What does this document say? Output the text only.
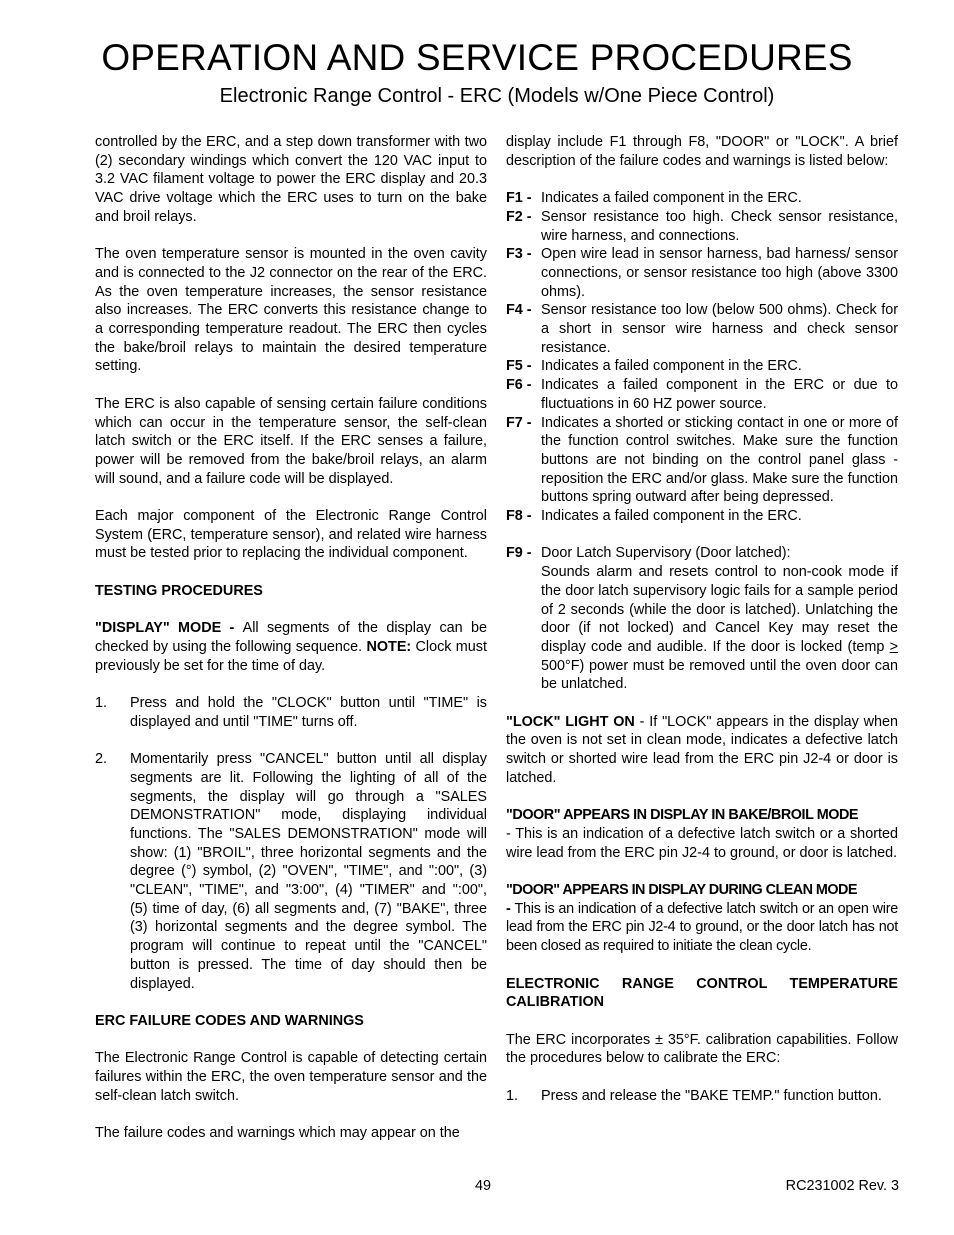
OPERATION AND SERVICE PROCEDURES
Electronic Range Control - ERC (Models w/One Piece Control)

controlled by the ERC, and a step down transformer with two (2) secondary windings which convert the 120 VAC input to 3.2 VAC filament voltage to power the ERC display and 20.3 VAC drive voltage which the ERC uses to turn on the bake and broil relays.

The oven temperature sensor is mounted in the oven cavity and is connected to the J2 connector on the rear of the ERC. As the oven temperature increases, the sensor resistance also increases. The ERC converts this resistance change to a corresponding temperature readout. The ERC then cycles the bake/broil relays to maintain the desired temperature setting.

The ERC is also capable of sensing certain failure conditions which can occur in the temperature sensor, the self-clean latch switch or the ERC itself. If the ERC senses a failure, power will be removed from the bake/broil relays, an alarm will sound, and a failure code will be displayed.

Each major component of the Electronic Range Control System (ERC, temperature sensor), and related wire harness must be tested prior to replacing the individual component.

TESTING PROCEDURES

"DISPLAY" MODE - All segments of the display can be checked by using the following sequence. NOTE: Clock must previously be set for the time of day.

1.	Press and hold the "CLOCK" button until "TIME" is displayed and until "TIME" turns off.
2.	Momentarily press "CANCEL" button until all display segments are lit. Following the lighting of all of the segments, the display will go through a "SALES DEMONSTRATION" mode, displaying individual functions. The "SALES DEMONSTRATION" mode will show: (1) "BROIL", three horizontal segments and the degree (°) symbol, (2) "OVEN", "TIME", and ":00", (3) "CLEAN", "TIME", and "3:00", (4) "TIMER" and ":00", (5) time of day, (6) all segments and, (7) "BAKE", three (3) horizontal segments and the degree symbol. The program will continue to repeat until the "CANCEL" button is pressed. The time of day should then be displayed.

ERC FAILURE CODES AND WARNINGS

The Electronic Range Control is capable of detecting certain failures within the ERC, the oven temperature sensor and the self-clean latch switch.

The failure codes and warnings which may appear on the

display include F1 through F8, "DOOR" or "LOCK". A brief description of the failure codes and warnings is listed below:

F1 - Indicates a failed component in the ERC.
F2 - Sensor resistance too high. Check sensor resistance, wire harness, and connections.
F3 - Open wire lead in sensor harness, bad harness/ sensor connections, or sensor resistance too high (above 3300 ohms).
F4 - Sensor resistance too low (below 500 ohms). Check for a short in sensor wire harness and check sensor resistance.
F5 - Indicates a failed component in the ERC.
F6 - Indicates a failed component in the ERC or due to fluctuations in 60 HZ power source.
F7 - Indicates a shorted or sticking contact in one or more of the function control switches. Make sure the function buttons are not binding on the control panel glass - reposition the ERC and/or glass. Make sure the function buttons spring outward after being depressed.
F8 - Indicates a failed component in the ERC.
F9 - Door Latch Supervisory (Door latched):

Sounds alarm and resets control to non-cook mode if the door latch supervisory logic fails for a sample period of 2 seconds (while the door is latched). Unlatching the door (if not locked) and Cancel Key may reset the display code and audible. If the door is locked (temp > 500°F) power must be removed until the oven door can be unlatched.

"LOCK" LIGHT ON - If "LOCK" appears in the display when the oven is not set in clean mode, indicates a defective latch switch or shorted wire lead from the ERC pin J2-4 or door is latched.

"DOOR" APPEARS IN DISPLAY IN BAKE/BROIL MODE

- This is an indication of a defective latch switch or a shorted wire lead from the ERC pin J2-4 to ground, or door is latched.

"DOOR" APPEARS IN DISPLAY DURING CLEAN MODE

- This is an indication of a defective latch switch or an open wire lead from the ERC pin J2-4 to ground, or the door latch has not been closed as required to initiate the clean cycle.

ELECTRONIC RANGE CONTROL TEMPERATURE CALIBRATION

The ERC incorporates ± 35°F. calibration capabilities. Follow the procedures below to calibrate the ERC:

1.	Press and release the "BAKE TEMP." function button.
49	RC231002 Rev. 3
